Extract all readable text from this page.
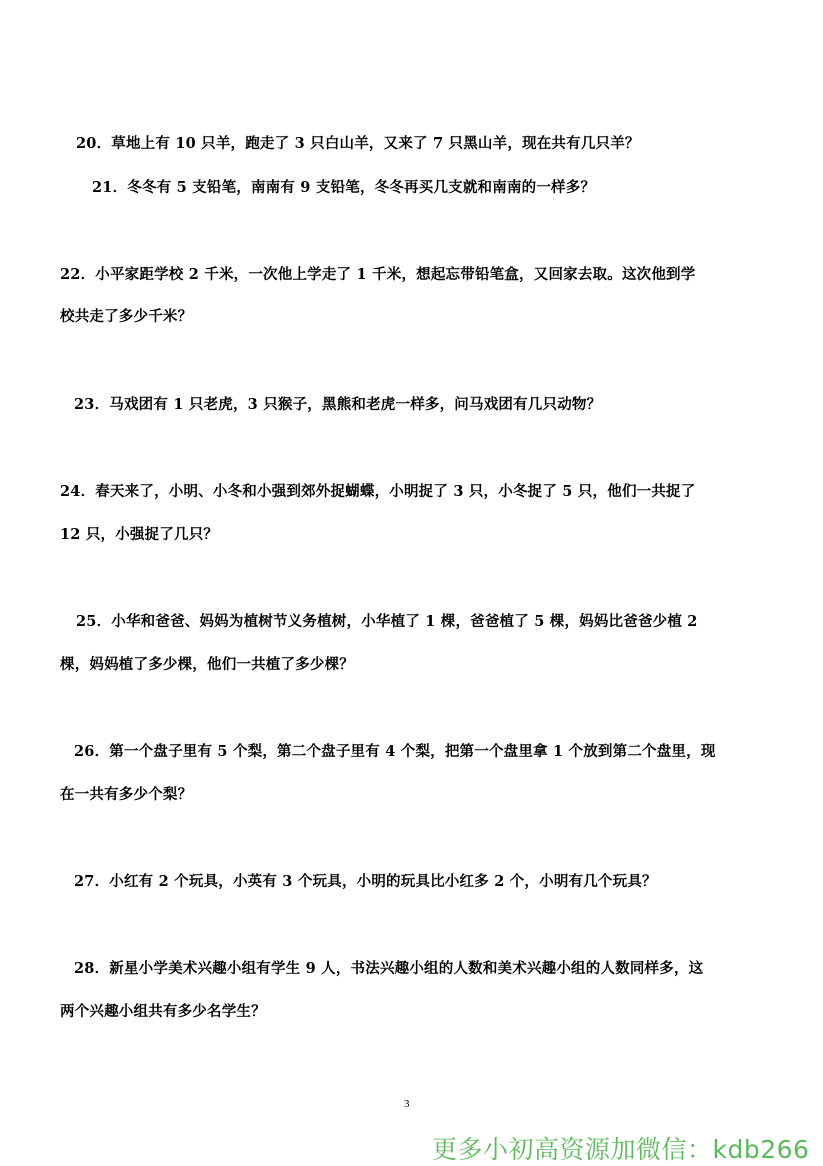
20．草地上有 10 只羊，跑走了 3 只白山羊，又来了 7 只黑山羊，现在共有几只羊？
21．冬冬有 5 支铅笔，南南有 9 支铅笔，冬冬再买几支就和南南的一样多？
22．小平家距学校 2 千米，一次他上学走了 1 千米，想起忘带铅笔盒，又回家去取。这次他到学
校共走了多少千米？
23．马戏团有 1 只老虎，3 只猴子，黑熊和老虎一样多，问马戏团有几只动物？
24．春天来了，小明、小冬和小强到郊外捉蝴蝶，小明捉了 3 只，小冬捉了 5 只，他们一共捉了
12 只，小强捉了几只？
25．小华和爸爸、妈妈为植树节义务植树，小华植了 1 棵，爸爸植了 5 棵，妈妈比爸爸少植 2
棵，妈妈植了多少棵，他们一共植了多少棵？
26．第一个盘子里有 5 个梨，第二个盘子里有 4 个梨，把第一个盘里拿 1 个放到第二个盘里，现
在一共有多少个梨？
27．小红有 2 个玩具，小英有 3 个玩具，小明的玩具比小红多 2 个，小明有几个玩具？
28．新星小学美术兴趣小组有学生 9 人，书法兴趣小组的人数和美术兴趣小组的人数同样多，这
两个兴趣小组共有多少名学生？
3
更多小初高资源加微信：kdb266
